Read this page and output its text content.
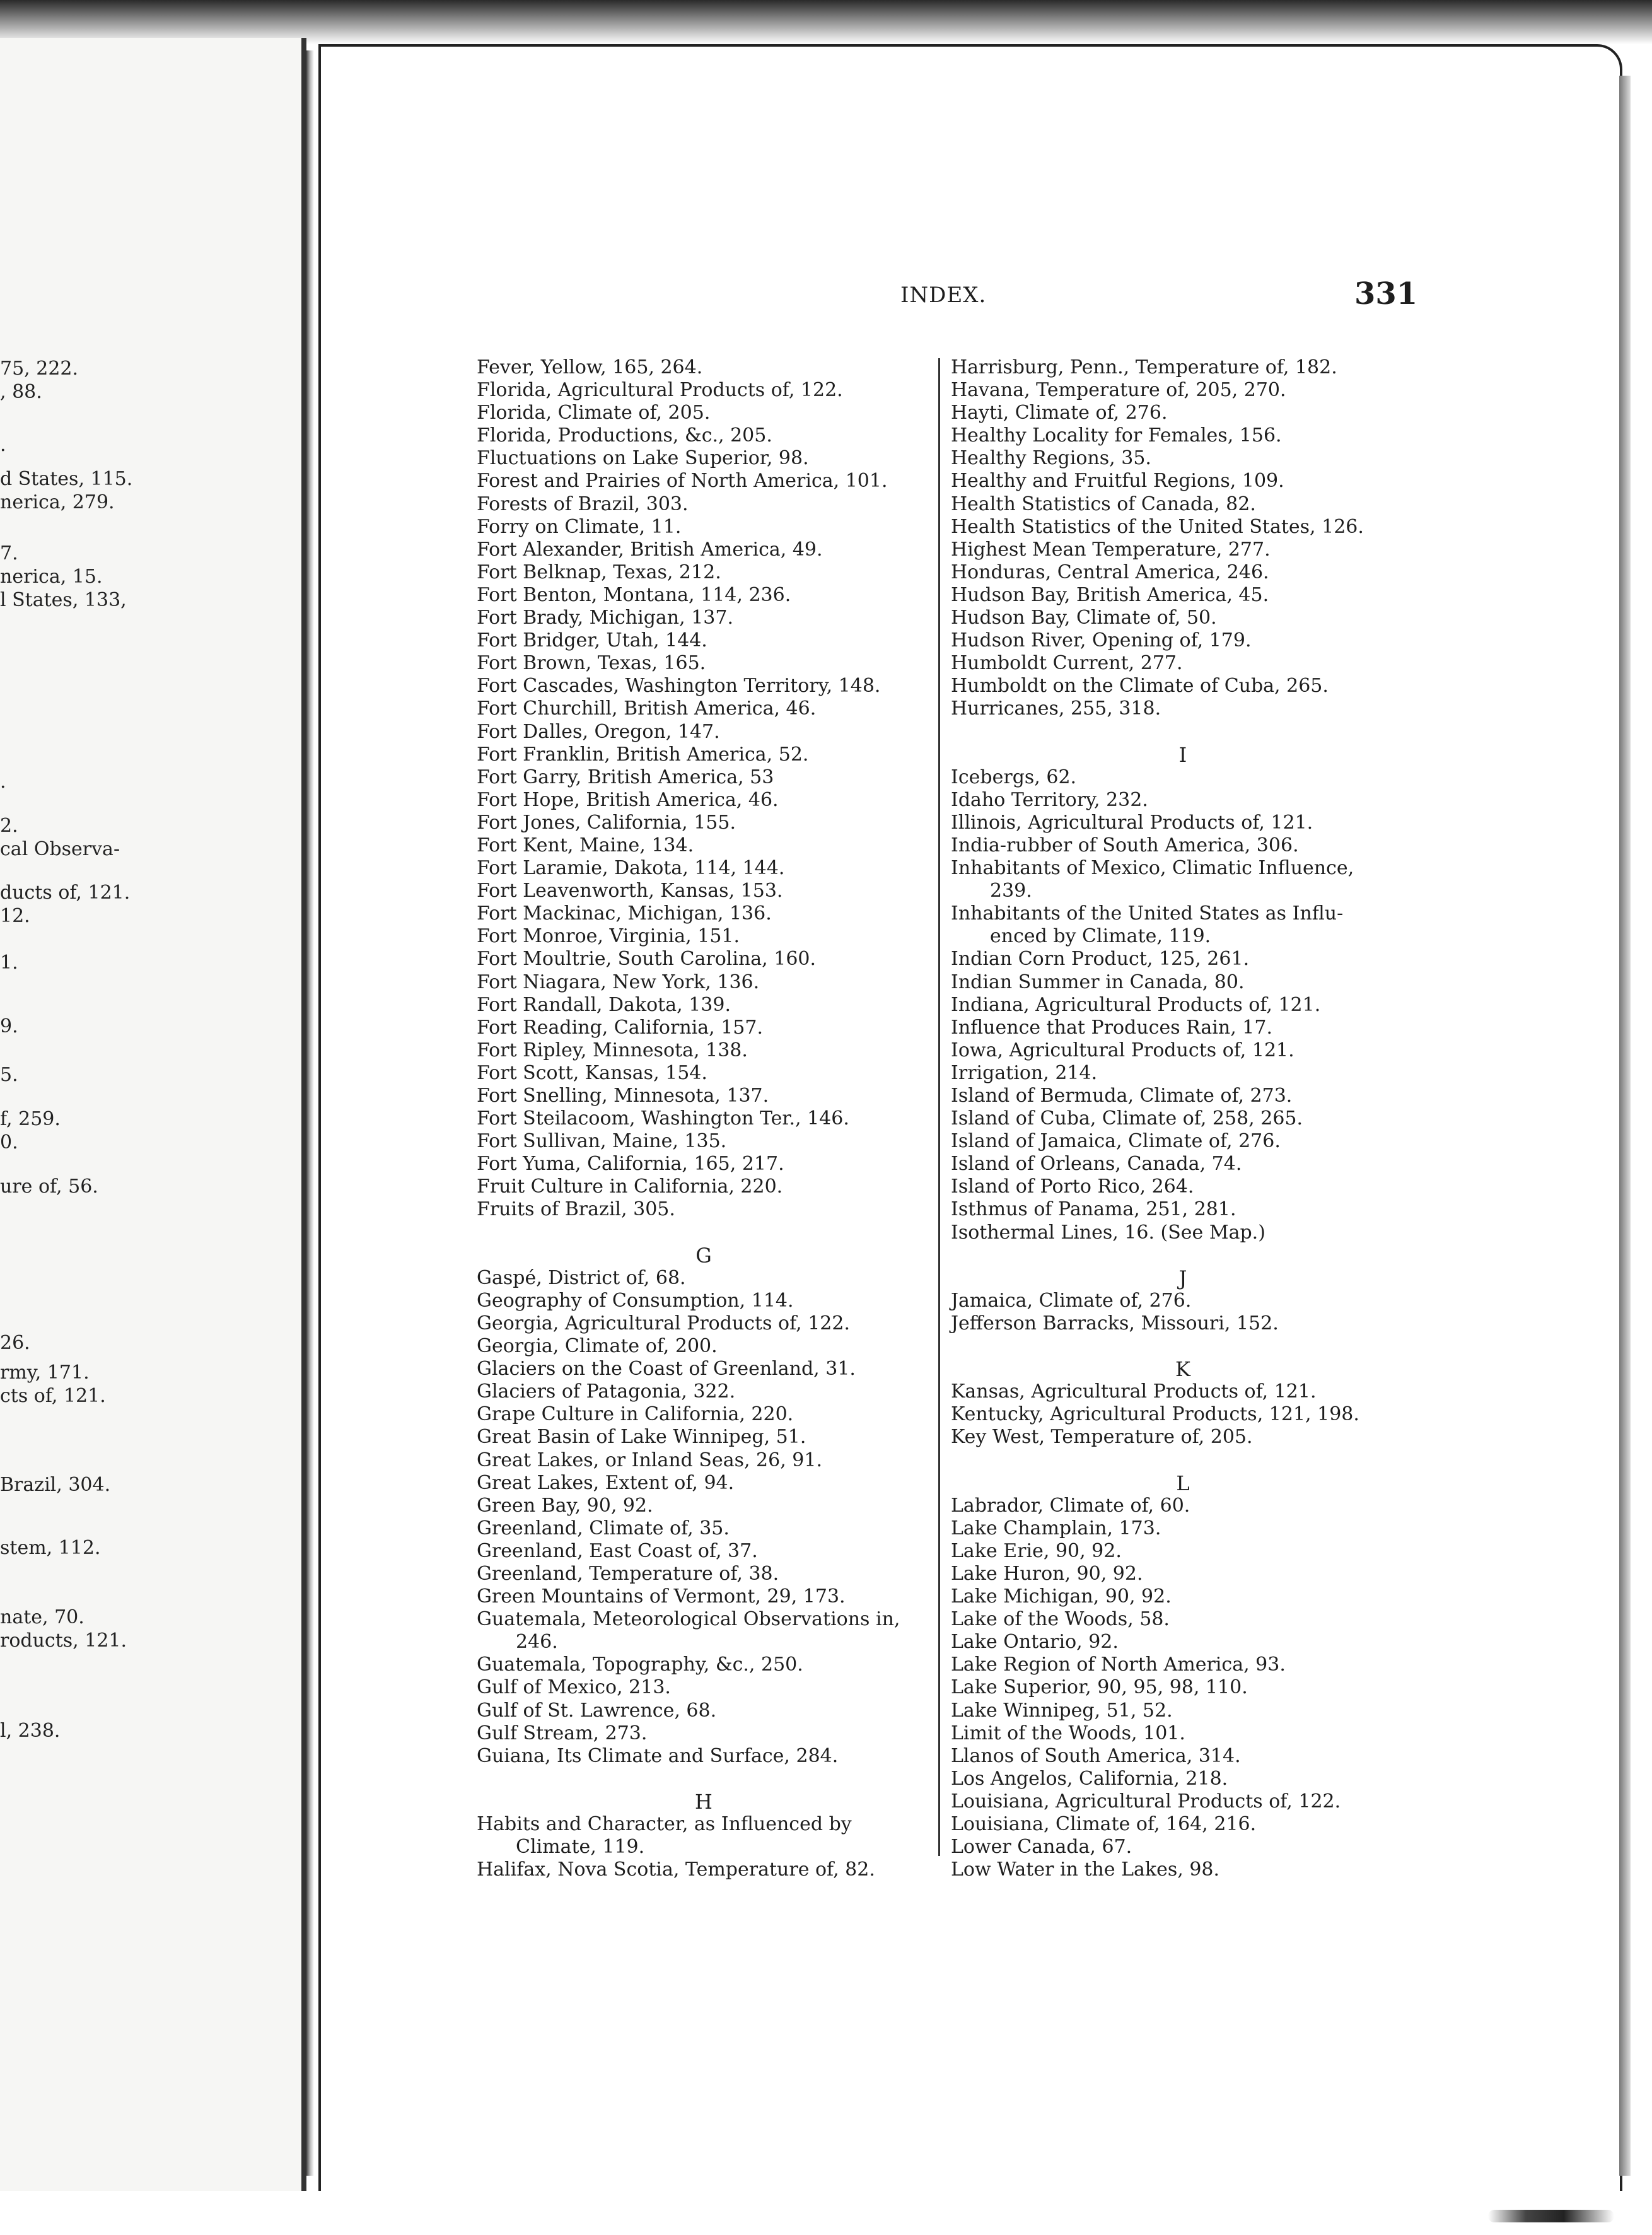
75, 222.
, 88.
.
d States, 115.
nerica, 279.
7.
nerica, 15.
l States, 133,
.
2.
cal Observa-
ducts of, 121.
12.
1.
9.
5.
f, 259.
0.
ure of, 56.
26.
rmy, 171.
cts of, 121.
Brazil, 304.
stem, 112.
nate, 70.
roducts, 121.
l, 238.
INDEX.	331
Fever, Yellow, 165, 264.
Florida, Agricultural Products of, 122.
Florida, Climate of, 205.
Florida, Productions, &c., 205.
Fluctuations on Lake Superior, 98.
Forest and Prairies of North America, 101.
Forests of Brazil, 303.
Forry on Climate, 11.
Fort Alexander, British America, 49.
Fort Belknap, Texas, 212.
Fort Benton, Montana, 114, 236.
Fort Brady, Michigan, 137.
Fort Bridger, Utah, 144.
Fort Brown, Texas, 165.
Fort Cascades, Washington Territory, 148.
Fort Churchill, British America, 46.
Fort Dalles, Oregon, 147.
Fort Franklin, British America, 52.
Fort Garry, British America, 53
Fort Hope, British America, 46.
Fort Jones, California, 155.
Fort Kent, Maine, 134.
Fort Laramie, Dakota, 114, 144.
Fort Leavenworth, Kansas, 153.
Fort Mackinac, Michigan, 136.
Fort Monroe, Virginia, 151.
Fort Moultrie, South Carolina, 160.
Fort Niagara, New York, 136.
Fort Randall, Dakota, 139.
Fort Reading, California, 157.
Fort Ripley, Minnesota, 138.
Fort Scott, Kansas, 154.
Fort Snelling, Minnesota, 137.
Fort Steilacoom, Washington Ter., 146.
Fort Sullivan, Maine, 135.
Fort Yuma, California, 165, 217.
Fruit Culture in California, 220.
Fruits of Brazil, 305.
G
Gaspé, District of, 68.
Geography of Consumption, 114.
Georgia, Agricultural Products of, 122.
Georgia, Climate of, 200.
Glaciers on the Coast of Greenland, 31.
Glaciers of Patagonia, 322.
Grape Culture in California, 220.
Great Basin of Lake Winnipeg, 51.
Great Lakes, or Inland Seas, 26, 91.
Great Lakes, Extent of, 94.
Green Bay, 90, 92.
Greenland, Climate of, 35.
Greenland, East Coast of, 37.
Greenland, Temperature of, 38.
Green Mountains of Vermont, 29, 173.
Guatemala, Meteorological Observations in,
246.
Guatemala, Topography, &c., 250.
Gulf of Mexico, 213.
Gulf of St. Lawrence, 68.
Gulf Stream, 273.
Guiana, Its Climate and Surface, 284.
H
Habits and Character, as Influenced by
Climate, 119.
Halifax, Nova Scotia, Temperature of, 82.
Harrisburg, Penn., Temperature of, 182.
Havana, Temperature of, 205, 270.
Hayti, Climate of, 276.
Healthy Locality for Females, 156.
Healthy Regions, 35.
Healthy and Fruitful Regions, 109.
Health Statistics of Canada, 82.
Health Statistics of the United States, 126.
Highest Mean Temperature, 277.
Honduras, Central America, 246.
Hudson Bay, British America, 45.
Hudson Bay, Climate of, 50.
Hudson River, Opening of, 179.
Humboldt Current, 277.
Humboldt on the Climate of Cuba, 265.
Hurricanes, 255, 318.
I
Icebergs, 62.
Idaho Territory, 232.
Illinois, Agricultural Products of, 121.
India-rubber of South America, 306.
Inhabitants of Mexico, Climatic Influence,
239.
Inhabitants of the United States as Influ-
enced by Climate, 119.
Indian Corn Product, 125, 261.
Indian Summer in Canada, 80.
Indiana, Agricultural Products of, 121.
Influence that Produces Rain, 17.
Iowa, Agricultural Products of, 121.
Irrigation, 214.
Island of Bermuda, Climate of, 273.
Island of Cuba, Climate of, 258, 265.
Island of Jamaica, Climate of, 276.
Island of Orleans, Canada, 74.
Island of Porto Rico, 264.
Isthmus of Panama, 251, 281.
Isothermal Lines, 16. (See Map.)
J
Jamaica, Climate of, 276.
Jefferson Barracks, Missouri, 152.
K
Kansas, Agricultural Products of, 121.
Kentucky, Agricultural Products, 121, 198.
Key West, Temperature of, 205.
L
Labrador, Climate of, 60.
Lake Champlain, 173.
Lake Erie, 90, 92.
Lake Huron, 90, 92.
Lake Michigan, 90, 92.
Lake of the Woods, 58.
Lake Ontario, 92.
Lake Region of North America, 93.
Lake Superior, 90, 95, 98, 110.
Lake Winnipeg, 51, 52.
Limit of the Woods, 101.
Llanos of South America, 314.
Los Angelos, California, 218.
Louisiana, Agricultural Products of, 122.
Louisiana, Climate of, 164, 216.
Lower Canada, 67.
Low Water in the Lakes, 98.
